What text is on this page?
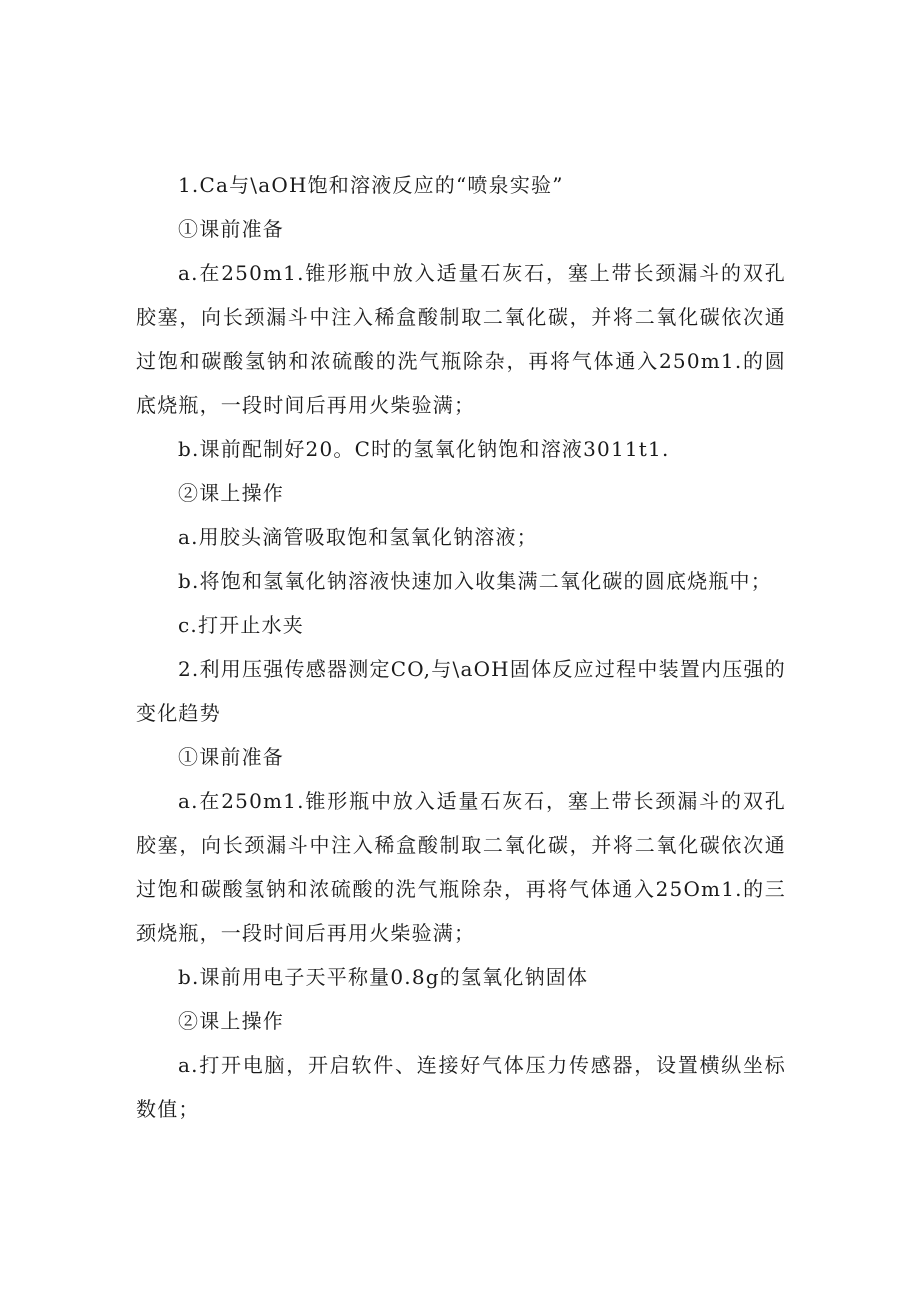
1.Ca与\aOH饱和溶液反应的“喷泉实验”

①课前准备

a.在250m1.锥形瓶中放入适量石灰石，塞上带长颈漏斗的双孔胶塞，向长颈漏斗中注入稀盒酸制取二氧化碳，并将二氧化碳依次通过饱和碳酸氢钠和浓硫酸的洗气瓶除杂，再将气体通入250m1.的圆底烧瓶，一段时间后再用火柴验满；

b.课前配制好20。C时的氢氧化钠饱和溶液3011t1.

②课上操作

a.用胶头滴管吸取饱和氢氧化钠溶液；

b.将饱和氢氧化钠溶液快速加入收集满二氧化碳的圆底烧瓶中；

c.打开止水夹

2.利用压强传感器测定CO,与\aOH固体反应过程中装置内压强的变化趋势

①课前准备

a.在250m1.锥形瓶中放入适量石灰石，塞上带长颈漏斗的双孔胶塞，向长颈漏斗中注入稀盒酸制取二氧化碳，并将二氧化碳依次通过饱和碳酸氢钠和浓硫酸的洗气瓶除杂，再将气体通入25Om1.的三颈烧瓶，一段时间后再用火柴验满；

b.课前用电子天平称量0.8g的氢氧化钠固体

②课上操作

a.打开电脑，开启软件、连接好气体压力传感器，设置横纵坐标数值；
